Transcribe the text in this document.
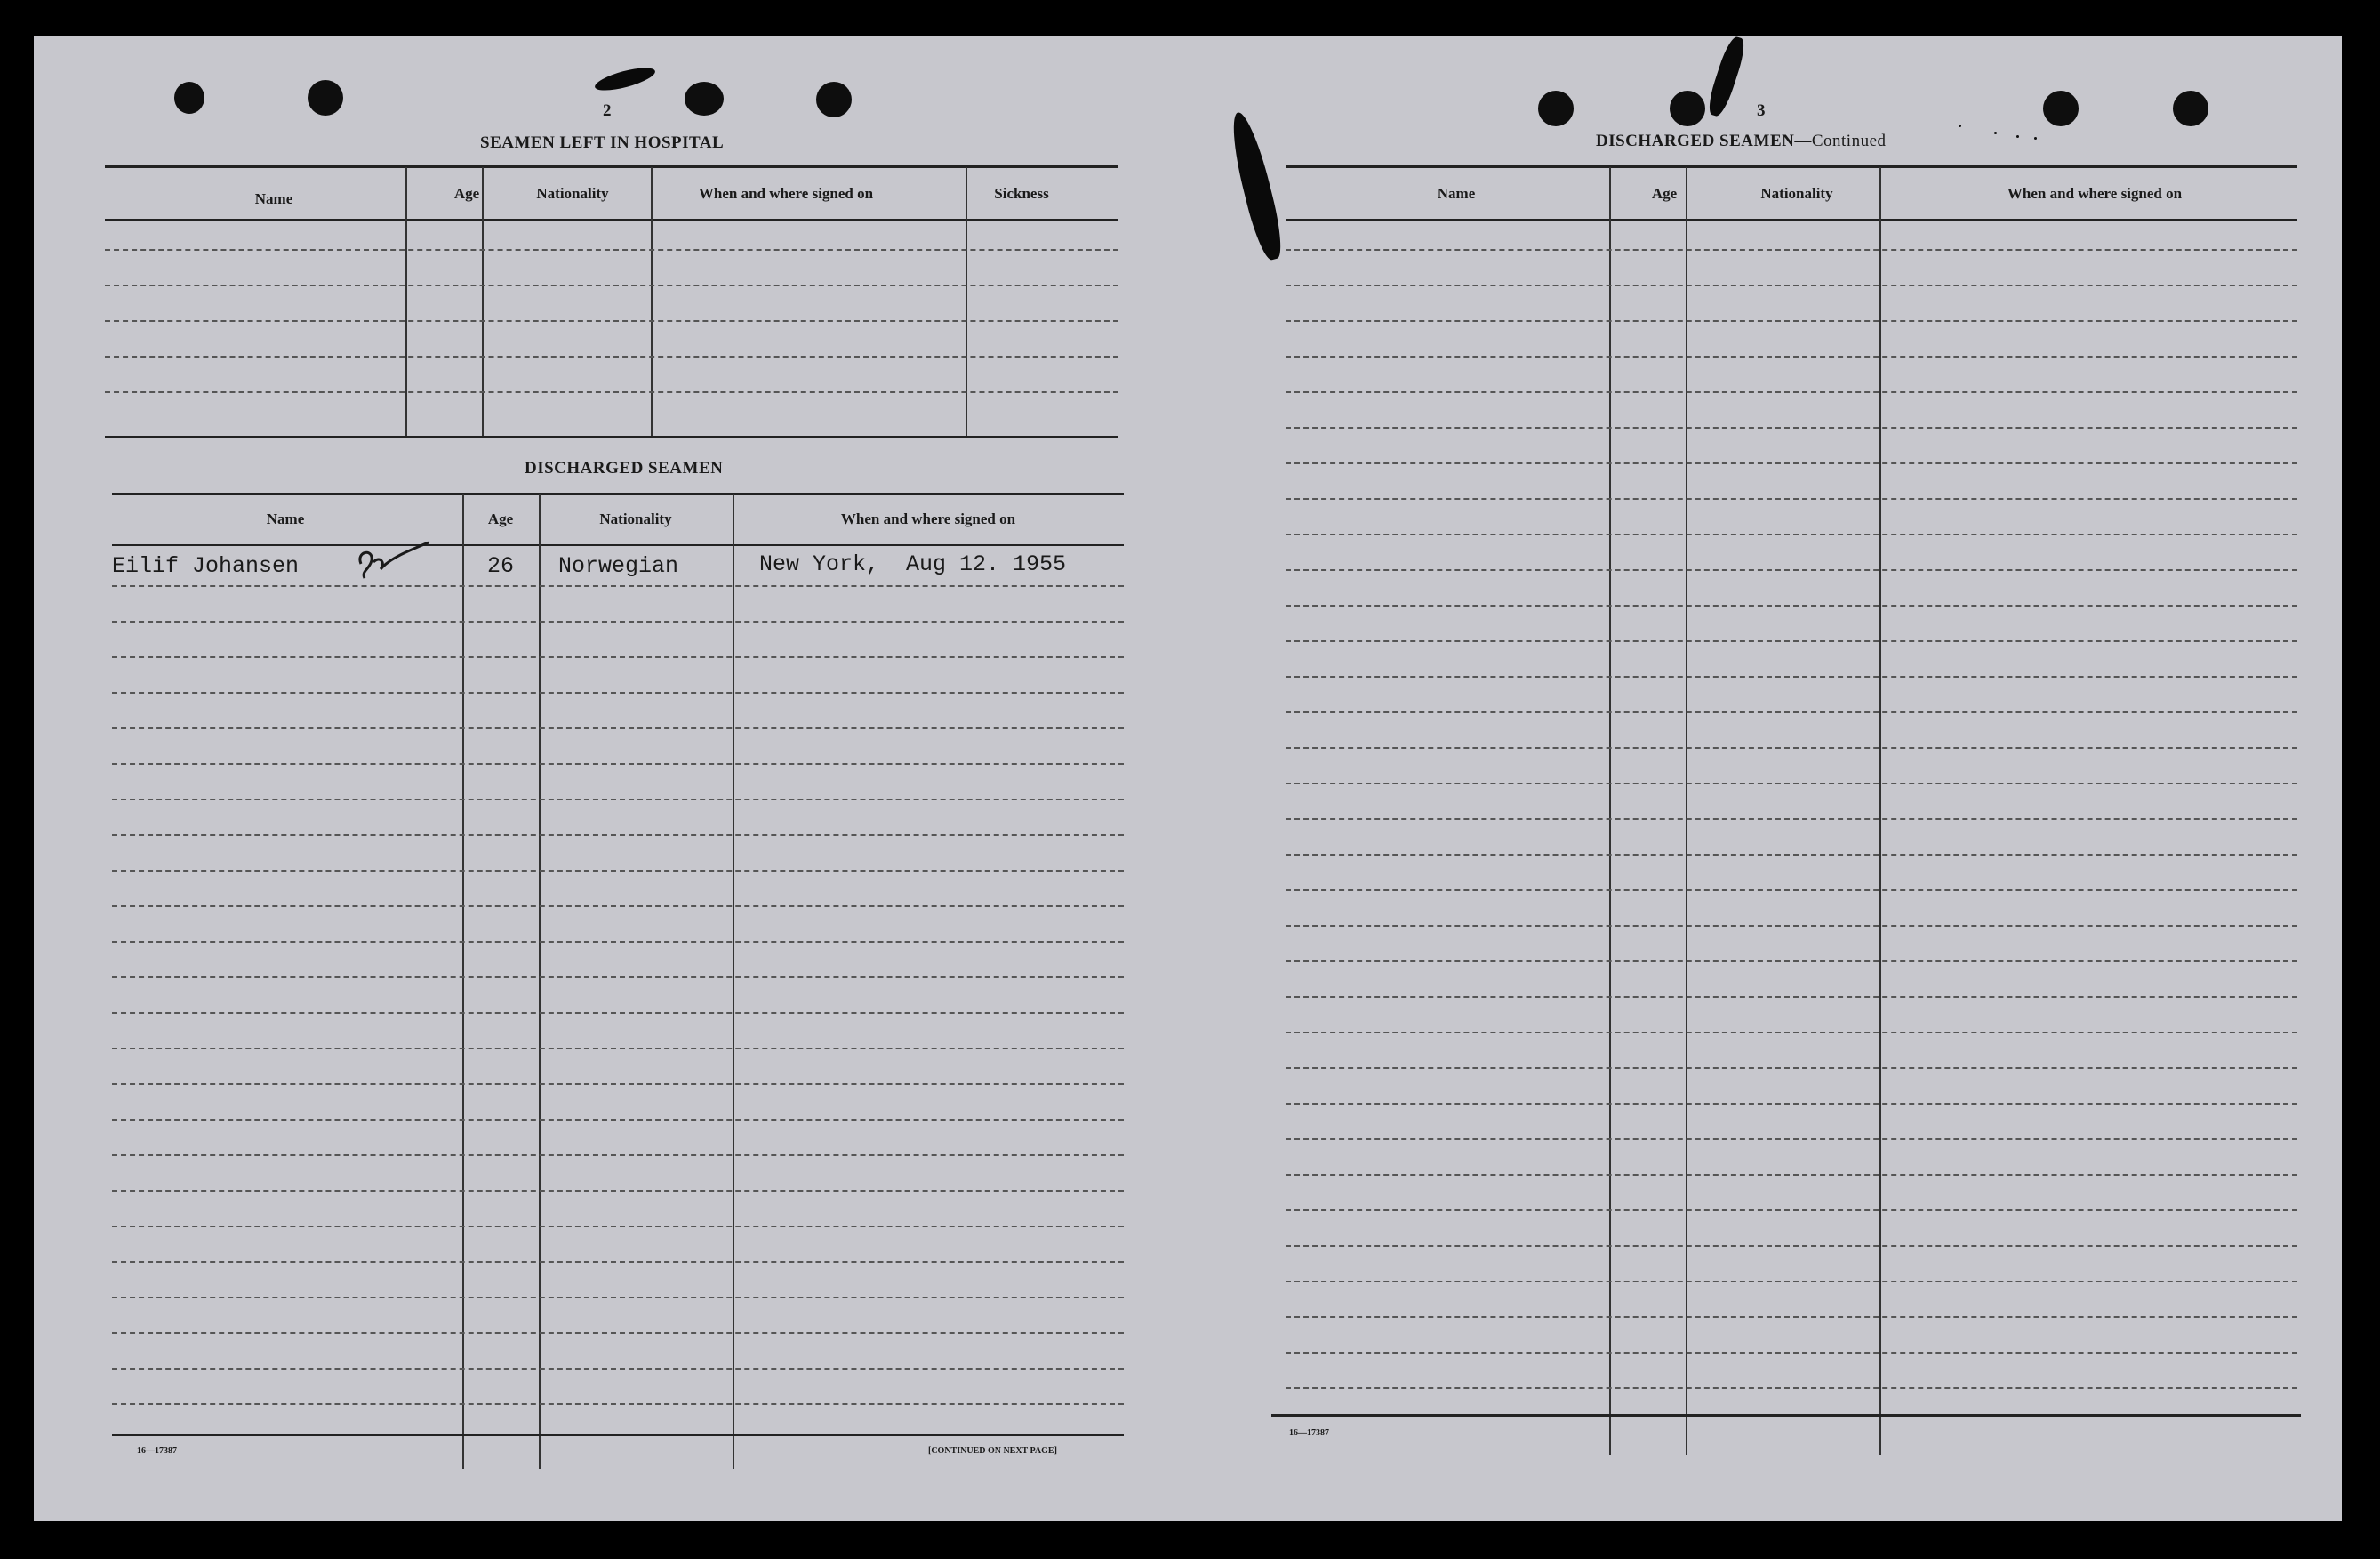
2
SEAMEN LEFT IN HOSPITAL
Name	Age	Nationality	When and where signed on	Sickness
DISCHARGED SEAMEN
Name	Age	Nationality	When and where signed on
Eilif Johansen	26 Norwegian	New York,  Aug 12. 1955
16—17387	[CONTINUED ON NEXT PAGE]
3
DISCHARGED SEAMEN—Continued
Name	Age	Nationality	When and where signed on
16—17387
